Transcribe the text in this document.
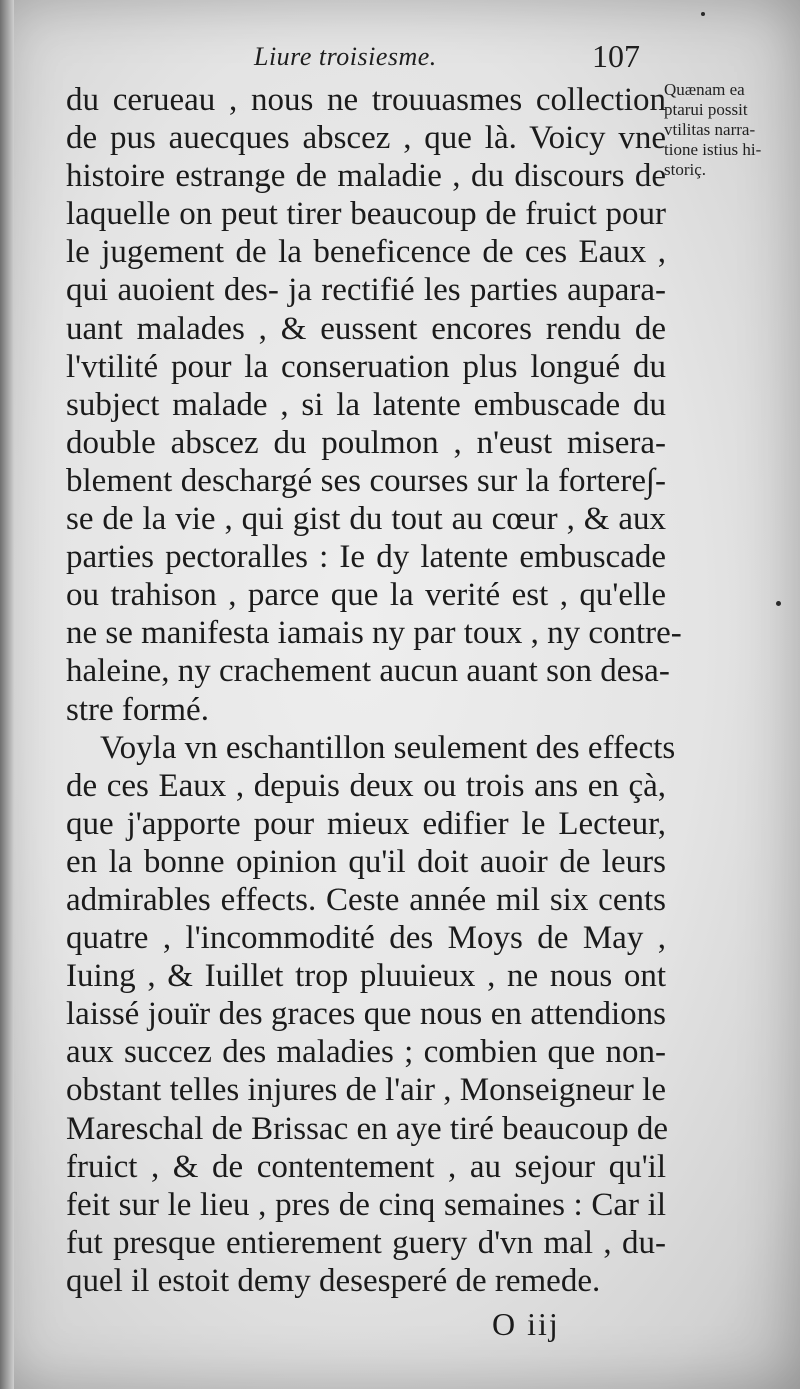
Liure troisiesme.	107
du cerueau , nous ne trouuasmes collection
de pus auecques abscez , que là. Voicy vne
histoire estrange de maladie , du discours de
laquelle on peut tirer beaucoup de fruict pour
le jugement de la beneficence de ces Eaux ,
qui auoient des- ja rectifié les parties aupara-
uant malades , & eussent encores rendu de
l'vtilité pour la conseruation plus longué du
subject malade , si la latente embuscade du
double abscez du poulmon , n'eust misera-
blement deschargé ses courses sur la fortere∫-
se de la vie , qui gist du tout au cœur , & aux
parties pectoralles : Ie dy latente embuscade
ou trahison , parce que la verité est , qu'elle
ne se manifesta iamais ny par toux , ny contre-
haleine, ny crachement aucun auant son desa-
stre formé.
Voyla vn eschantillon seulement des effects
de ces Eaux , depuis deux ou trois ans en çà,
que j'apporte pour mieux edifier le Lecteur,
en la bonne opinion qu'il doit auoir de leurs
admirables effects. Ceste année mil six cents
quatre , l'incommodité des Moys de May ,
Iuing , & Iuillet trop pluuieux , ne nous ont
laissé jouïr des graces que nous en attendions
aux succez des maladies ; combien que non-
obstant telles injures de l'air , Monseigneur le
Mareschal de Brissac en aye tiré beaucoup de
fruict , & de contentement , au sejour qu'il
feit sur le lieu , pres de cinq semaines : Car il
fut presque entierement guery d'vn mal , du-
quel il estoit demy desesperé de remede.
Quænam ea
ptarui possit
vtilitas narra-
tione istius hi-
storiç.
O iij
